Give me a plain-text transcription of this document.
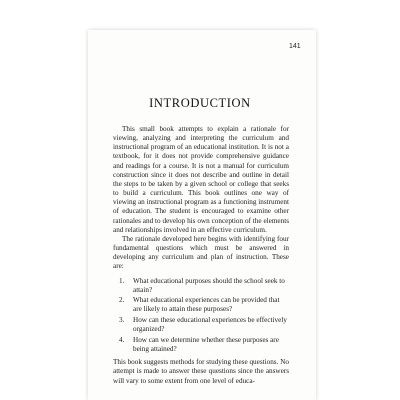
141
INTRODUCTION

This small book attempts to explain a rationale for viewing, analyzing and interpreting the curriculum and instructional program of an educational institution. It is not a textbook, for it does not provide comprehensive guidance and readings for a course. It is not a manual for curriculum construction since it does not describe and outline in detail the steps to be taken by a given school or college that seeks to build a curriculum. This book outlines one way of viewing an instructional program as a functioning instrument of education. The student is encouraged to examine other rationales and to develop his own conception of the elements and relationships involved in an effective curriculum.

The rationale developed here begins with identifying four fundamental questions which must be answered in developing any curriculum and plan of instruction. These are:

1.	What educational purposes should the school seek to attain?
2.	What educational experiences can be provided that are likely to attain these purposes?
3.	How can these educational experiences be effectively organized?
4.	How can we determine whether these purposes are being attained?

This book suggests methods for studying these questions. No attempt is made to answer these questions since the answers will vary to some extent from one level of educa-
